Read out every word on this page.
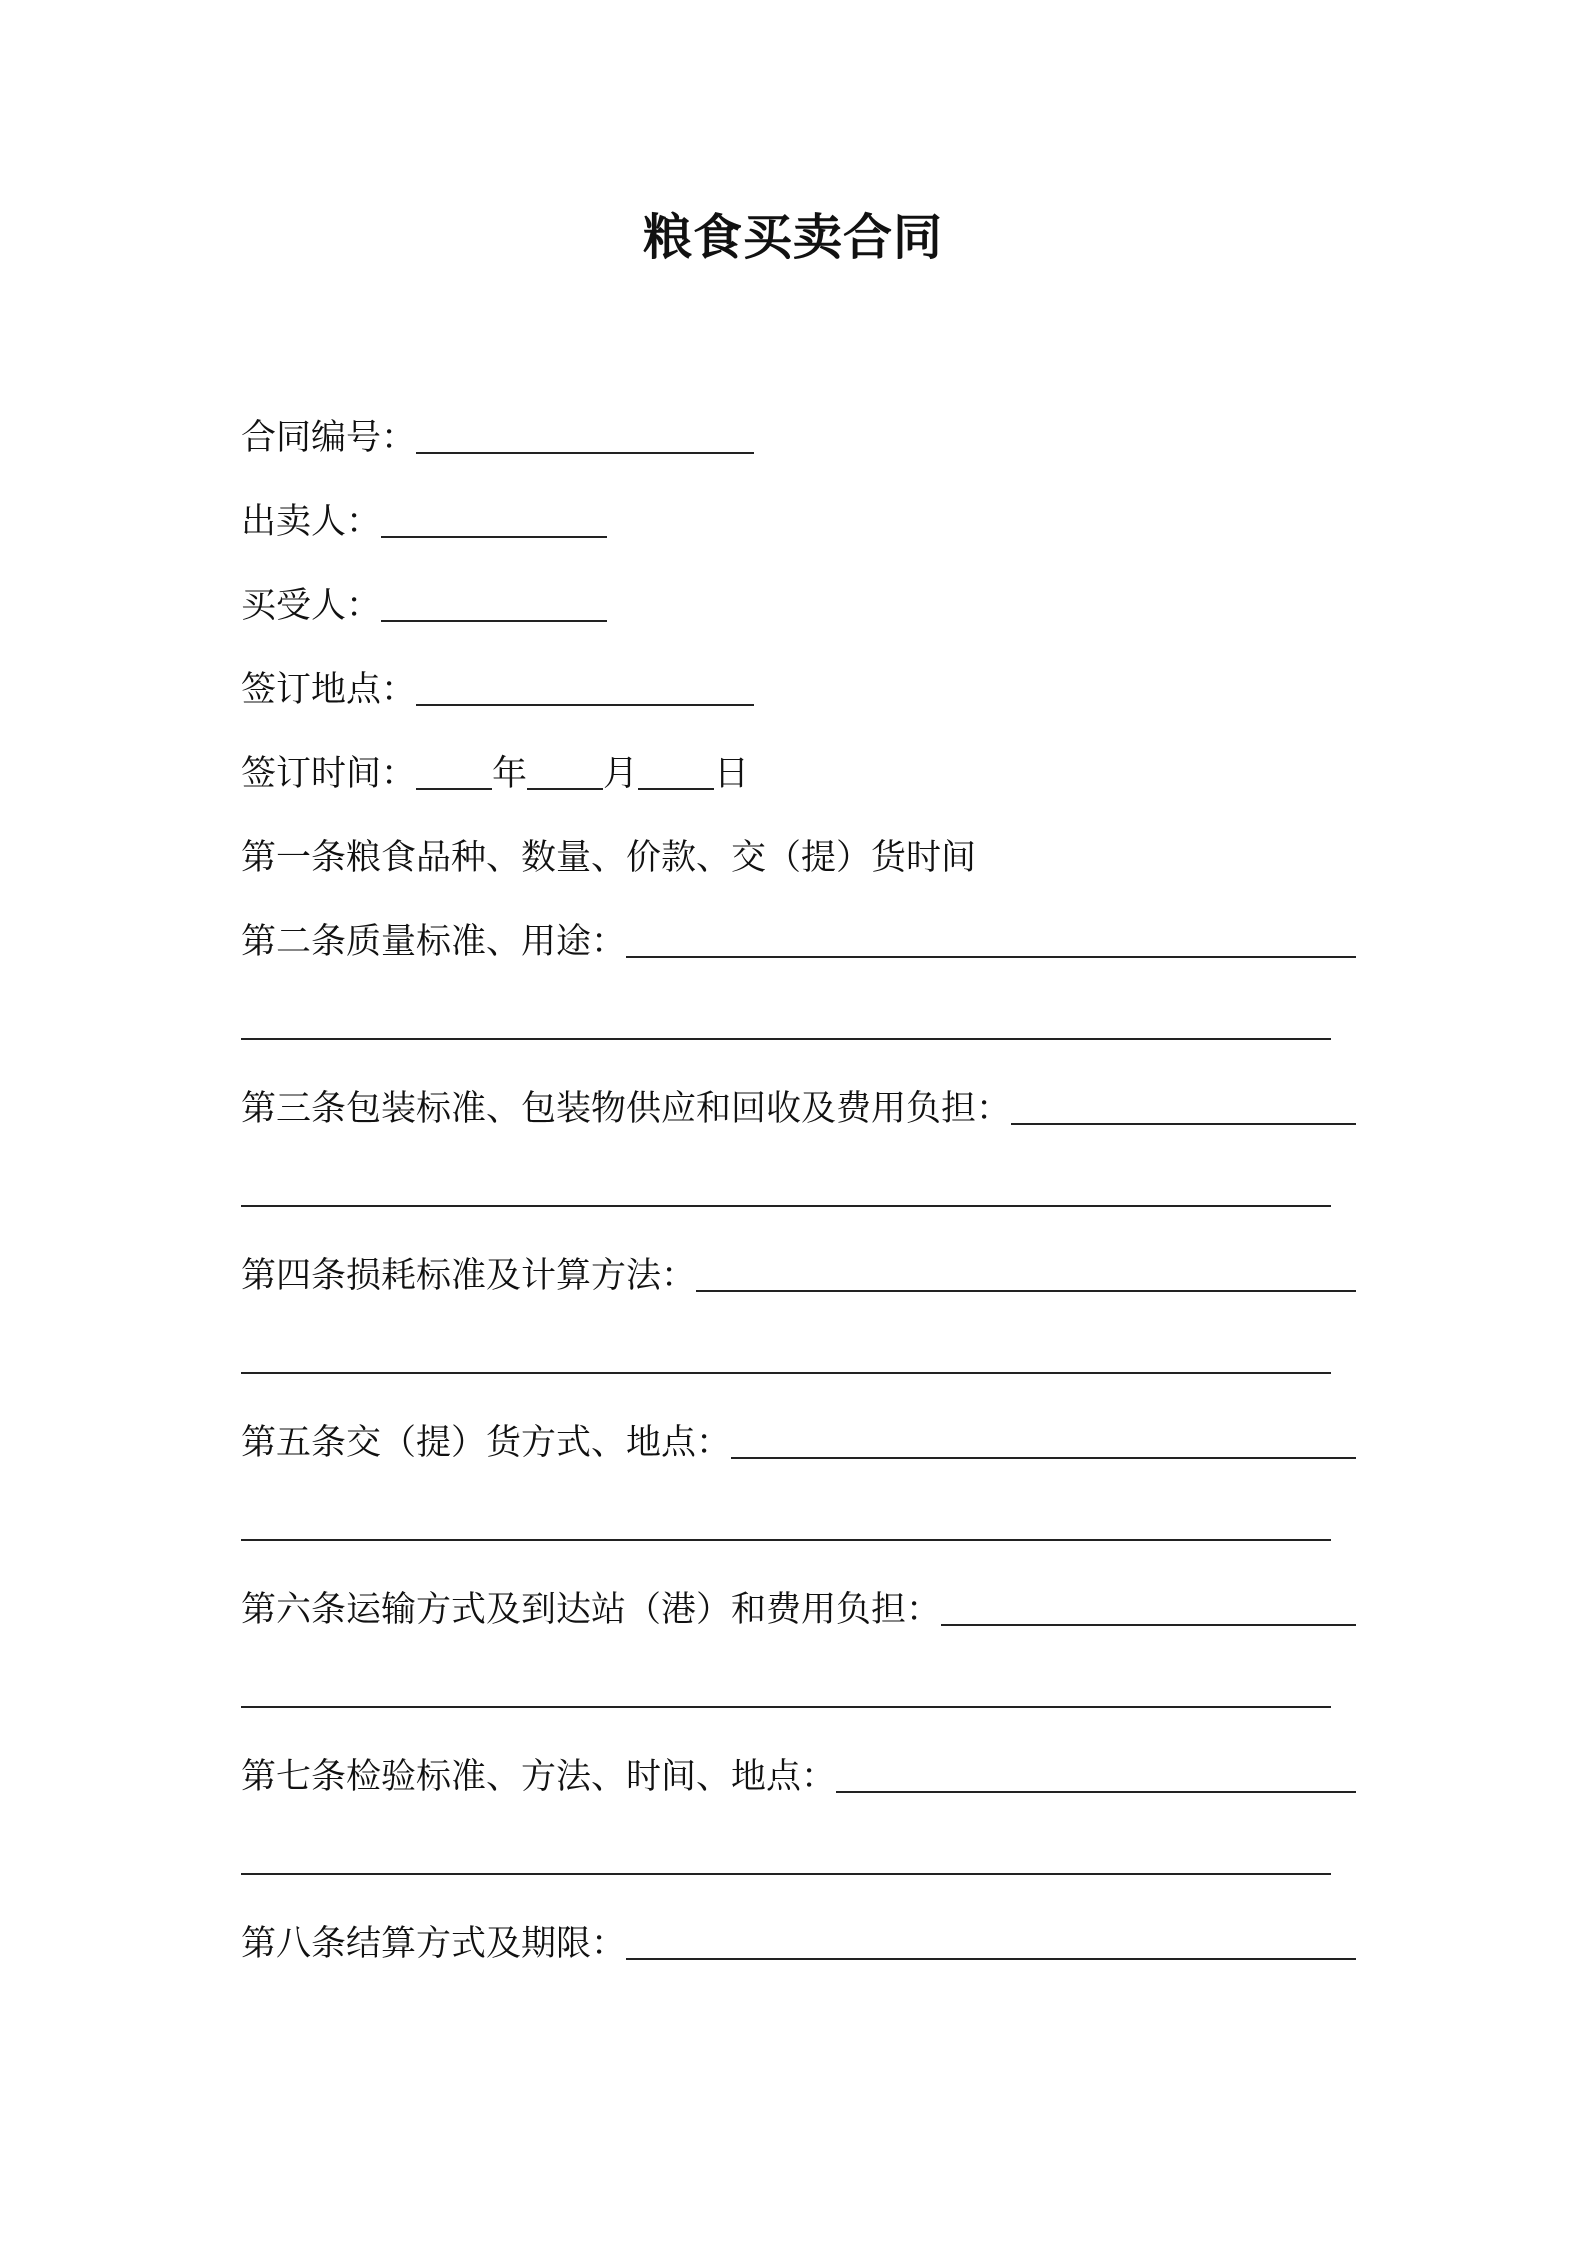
粮食买卖合同
合同编号：
出卖人：
买受人：
签订地点：
签订时间： 年 月 日
第一条粮食品种、数量、价款、交（提）货时间
第二条质量标准、用途：
第三条包装标准、包装物供应和回收及费用负担：
第四条损耗标准及计算方法：
第五条交（提）货方式、地点：
第六条运输方式及到达站（港）和费用负担：
第七条检验标准、方法、时间、地点：
第八条结算方式及期限：
